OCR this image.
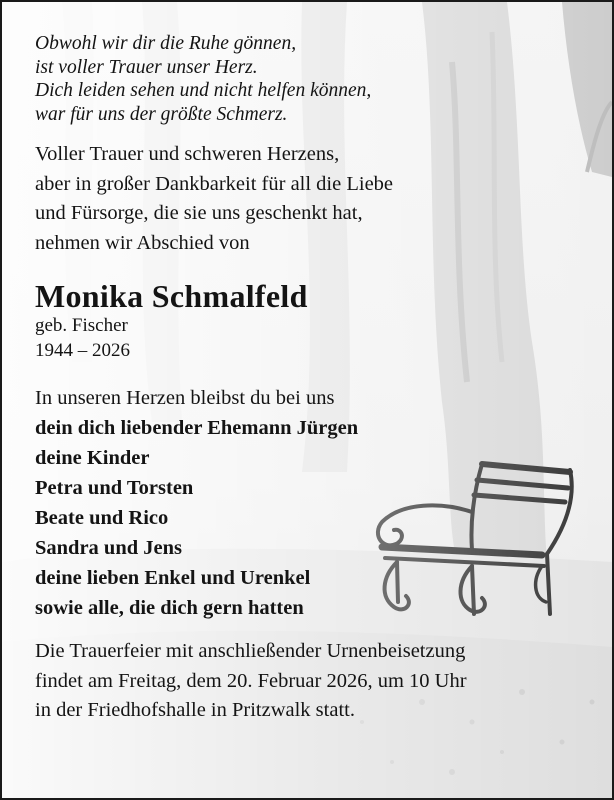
Obwohl wir dir die Ruhe gönnen,
ist voller Trauer unser Herz.
Dich leiden sehen und nicht helfen können,
war für uns der größte Schmerz.
Voller Trauer und schweren Herzens,
aber in großer Dankbarkeit für all die Liebe
und Fürsorge, die sie uns geschenkt hat,
nehmen wir Abschied von
Monika Schmalfeld
geb. Fischer
1944 – 2026
In unseren Herzen bleibst du bei uns
dein dich liebender Ehemann Jürgen
deine Kinder
Petra und Torsten
Beate und Rico
Sandra und Jens
deine lieben Enkel und Urenkel
sowie alle, die dich gern hatten
Die Trauerfeier mit anschließender Urnenbeisetzung
findet am Freitag, dem 20. Februar 2026, um 10 Uhr
in der Friedhofshalle in Pritzwalk statt.
